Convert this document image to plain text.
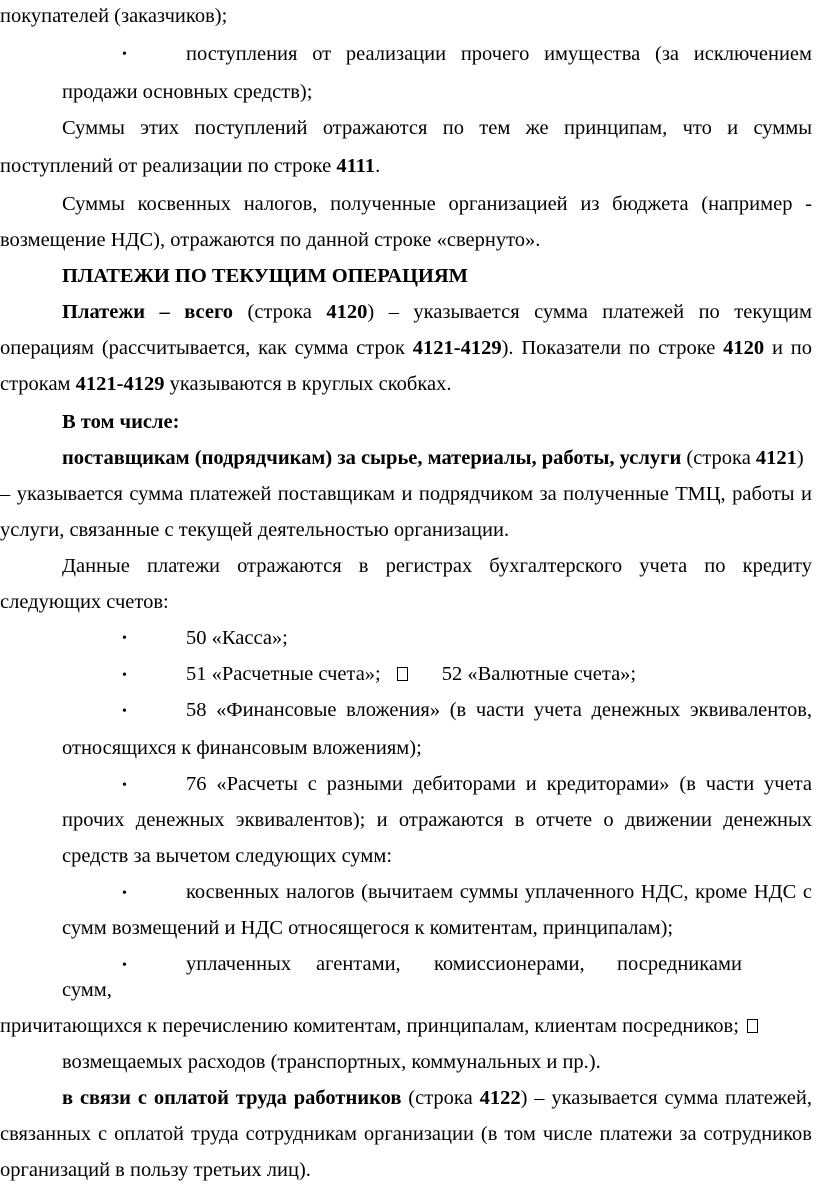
покупателей (заказчиков);
•	поступления от реализации прочего имущества (за исключением
продажи основных средств);
Суммы этих поступлений отражаются по тем же принципам, что и суммы
поступлений от реализации по строке 4111.
Суммы косвенных налогов, полученные организацией из бюджета (например -
возмещение НДС), отражаются по данной строке «свернуто».
ПЛАТЕЖИ ПО ТЕКУЩИМ ОПЕРАЦИЯМ
Платежи – всего (строка 4120) – указывается сумма платежей по текущим
операциям (рассчитывается, как сумма строк 4121-4129). Показатели по строке 4120 и по
строкам 4121-4129 указываются в круглых скобках.
В том числе:
поставщикам (подрядчикам) за сырье, материалы, работы, услуги (строка 4121)
– указывается сумма платежей поставщикам и подрядчиком за полученные ТМЦ, работы и
услуги, связанные с текущей деятельностью организации.
Данные платежи отражаются в регистрах бухгалтерского учета по кредиту
следующих счетов:
•	50 «Касса»;
•	51 «Расчетные счета»;	52 «Валютные счета»;
•	58 «Финансовые вложения» (в части учета денежных эквивалентов,
относящихся к финансовым вложениям);
•	76 «Расчеты с разными дебиторами и кредиторами» (в части учета
прочих денежных эквивалентов); и отражаются в отчете о движении денежных
средств за вычетом следующих сумм:
•	косвенных налогов (вычитаем суммы уплаченного НДС, кроме НДС с
сумм возмещений и НДС относящегося к комитентам, принципалам);
•	уплаченных агентами, комиссионерами, посредниками
сумм,
причитающихся к перечислению комитентам, принципалам, клиентам посредников;
возмещаемых расходов (транспортных, коммунальных и пр.).
в связи с оплатой труда работников (строка 4122) – указывается сумма платежей,
связанных с оплатой труда сотрудникам организации (в том числе платежи за сотрудников
организаций в пользу третьих лиц).
